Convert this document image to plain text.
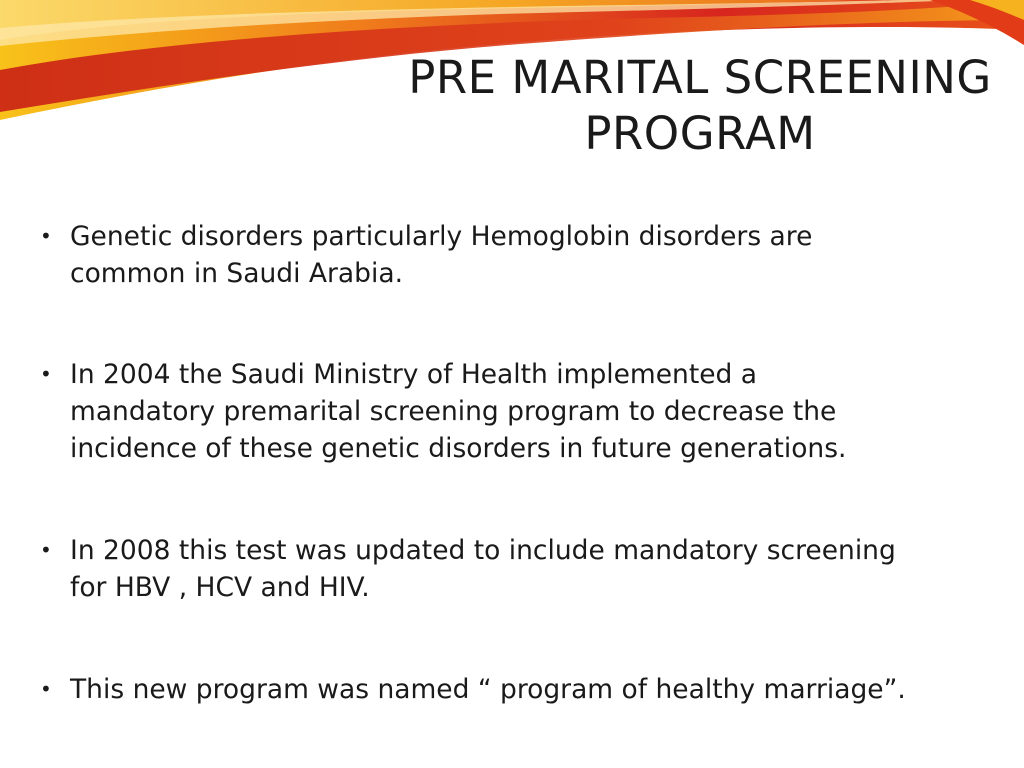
PRE MARITAL SCREENING
PROGRAM
• Genetic disorders particularly Hemoglobin disorders are
common in Saudi Arabia.
• In 2004 the Saudi Ministry of Health implemented a
mandatory premarital screening program to decrease the
incidence of these genetic disorders in future generations.
• In 2008 this test was updated to include mandatory screening
for HBV , HCV and HIV.
• This new program was named “ program of healthy marriage”.
